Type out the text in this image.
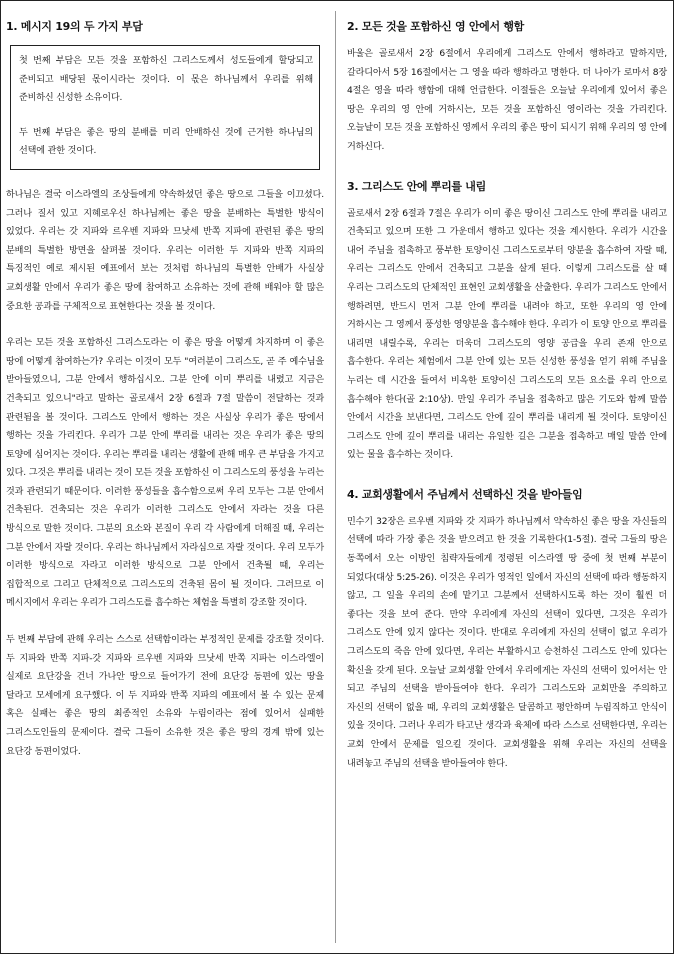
1. 메시지 19의 두 가지 부담

첫 번째 부담은 모든 것을 포함하신 그리스도께서 성도들에게 할당되고 준비되고 배당된 몫이시라는 것이다. 이 몫은 하나님께서 우리를 위해 준비하신 신성한 소유이다.

두 번째 부담은 좋은 땅의 분배를 미리 안배하신 것에 근거한 하나님의 선택에 관한 것이다.

하나님은 결국 이스라엘의 조상들에게 약속하셨던 좋은 땅으로 그들을 이끄셨다. 그러나 질서 있고 지혜로우신 하나님께는 좋은 땅을 분배하는 특별한 방식이 있었다. 우리는 갓 지파와 르우벤 지파와 므낫세 반쪽 지파에 관련된 좋은 땅의 분배의 특별한 방면을 살펴볼 것이다. 우리는 이러한 두 지파와 반쪽 지파의 특징적인 예로 제시된 예표에서 보는 것처럼 하나님의 특별한 안배가 사실상 교회생활 안에서 우리가 좋은 땅에 참여하고 소유하는 것에 관해 배워야 할 많은 중요한 공과를 구체적으로 표현한다는 것을 볼 것이다.

우리는 모든 것을 포함하신 그리스도라는 이 좋은 땅을 어떻게 차지하며 이 좋은 땅에 어떻게 참여하는가? 우리는 이것이 모두 "여러분이 그리스도, 곧 주 예수님을 받아들였으니, 그분 안에서 행하십시오. 그분 안에 이미 뿌리를 내렸고 지금은 건축되고 있으니"라고 말하는 골로새서 2장 6절과 7절 말씀이 전달하는 것과 관련됨을 볼 것이다. 그리스도 안에서 행하는 것은 사실상 우리가 좋은 땅에서 행하는 것을 가리킨다. 우리가 그분 안에 뿌리를 내리는 것은 우리가 좋은 땅의 토양에 심어지는 것이다. 우리는 뿌리를 내리는 생활에 관해 매우 큰 부담을 가지고 있다. 그것은 뿌리를 내리는 것이 모든 것을 포함하신 이 그리스도의 풍성을 누리는 것과 관련되기 때문이다. 이러한 풍성들을 흡수함으로써 우리 모두는 그분 안에서 건축된다. 건축되는 것은 우리가 이러한 그리스도 안에서 자라는 것을 다른 방식으로 말한 것이다. 그분의 요소와 본질이 우리 각 사람에게 더해질 때, 우리는 그분 안에서 자랄 것이다. 우리는 하나님께서 자라심으로 자랄 것이다. 우리 모두가 이러한 방식으로 자라고 이러한 방식으로 그분 안에서 건축될 때, 우리는 집합적으로 그리고 단체적으로 그리스도의 건축된 몸이 될 것이다. 그러므로 이 메시지에서 우리는 우리가 그리스도를 흡수하는 체험을 특별히 강조할 것이다.

두 번째 부담에 관해 우리는 스스로 선택함이라는 부정적인 문제를 강조할 것이다. 두 지파와 반쪽 지파-갓 지파와 르우벤 지파와 므낫세 반쪽 지파는 이스라엘이 실제로 요단강을 건너 가나안 땅으로 들어가기 전에 요단강 동편에 있는 땅을 달라고 모세에게 요구했다. 이 두 지파와 반쪽 지파의 예표에서 볼 수 있는 문제 혹은 실패는 좋은 땅의 최종적인 소유와 누림이라는 점에 있어서 실패한 그리스도인들의 문제이다. 결국 그들이 소유한 것은 좋은 땅의 경계 밖에 있는 요단강 동편이었다.

2. 모든 것을 포함하신 영 안에서 행함

바울은 골로새서 2장 6절에서 우리에게 그리스도 안에서 행하라고 말하지만, 갈라디아서 5장 16절에서는 그 영을 따라 행하라고 명한다. 더 나아가 로마서 8장 4절은 영을 따라 행함에 대해 언급한다. 이절들은 오늘날 우리에게 있어서 좋은 땅은 우리의 영 안에 거하시는, 모든 것을 포함하신 영이라는 것을 가리킨다. 오늘날이 모든 것을 포함하신 영께서 우리의 좋은 땅이 되시기 위해 우리의 영 안에 거하신다.

3. 그리스도 안에 뿌리를 내림

골로새서 2장 6절과 7절은 우리가 이미 좋은 땅이신 그리스도 안에 뿌리를 내리고 건축되고 있으며 또한 그 가운데서 행하고 있다는 것을 계시한다. 우리가 시간을 내어 주님을 접촉하고 풍부한 토양이신 그리스도로부터 양분을 흡수하여 자랄 때, 우리는 그리스도 안에서 건축되고 그분을 살게 된다. 이렇게 그리스도를 살 때 우리는 그리스도의 단체적인 표현인 교회생활을 산출한다. 우리가 그리스도 안에서 행하려면, 반드시 먼저 그분 안에 뿌리를 내려야 하고, 또한 우리의 영 안에 거하시는 그 영께서 풍성한 영양분을 흡수해야 한다. 우리가 이 토양 안으로 뿌리를 내리면 내릴수록, 우리는 더욱더 그리스도의 영양 공급을 우리 존재 안으로 흡수한다. 우리는 체험에서 그분 안에 있는 모든 신성한 풍성을 얻기 위해 주님을 누리는 데 시간을 들여서 비옥한 토양이신 그리스도의 모든 요소를 우리 안으로 흡수해야 한다(골 2:10상). 만일 우리가 주님을 접촉하고 많은 기도와 함께 말씀 안에서 시간을 보낸다면, 그리스도 안에 깊이 뿌리를 내리게 될 것이다. 토양이신 그리스도 안에 깊이 뿌리를 내리는 유일한 길은 그분을 접촉하고 매일 말씀 안에 있는 물을 흡수하는 것이다.

4. 교회생활에서 주님께서 선택하신 것을 받아들임

민수기 32장은 르우벤 지파와 갓 지파가 하나님께서 약속하신 좋은 땅을 자신들의 선택에 따라 가장 좋은 것을 받으려고 한 것을 기록한다(1-5절). 결국 그들의 땅은 동쪽에서 오는 이방인 침략자들에게 정령된 이스라엘 땅 중에 첫 번째 부분이 되었다(대상 5:25-26). 이것은 우리가 영적인 일에서 자신의 선택에 따라 행동하지 않고, 그 일을 우리의 손에 맡기고 그분께서 선택하시도록 하는 것이 훨씬 더 좋다는 것을 보여 준다. 만약 우리에게 자신의 선택이 있다면, 그것은 우리가 그리스도 안에 있지 않다는 것이다. 반대로 우리에게 자신의 선택이 없고 우리가 그리스도의 죽음 안에 있다면, 우리는 부활하시고 승천하신 그리스도 안에 있다는 확신을 갖게 된다. 오늘날 교회생활 안에서 우리에게는 자신의 선택이 있어서는 안 되고 주님의 선택을 받아들여야 한다. 우리가 그리스도와 교회만을 주의하고 자신의 선택이 없을 때, 우리의 교회생활은 달콤하고 평안하며 누림직하고 안식이 있을 것이다. 그러나 우리가 타고난 생각과 육체에 따라 스스로 선택한다면, 우리는 교회 안에서 문제를 일으킬 것이다. 교회생활을 위해 우리는 자신의 선택을 내려놓고 주님의 선택을 받아들여야 한다.
